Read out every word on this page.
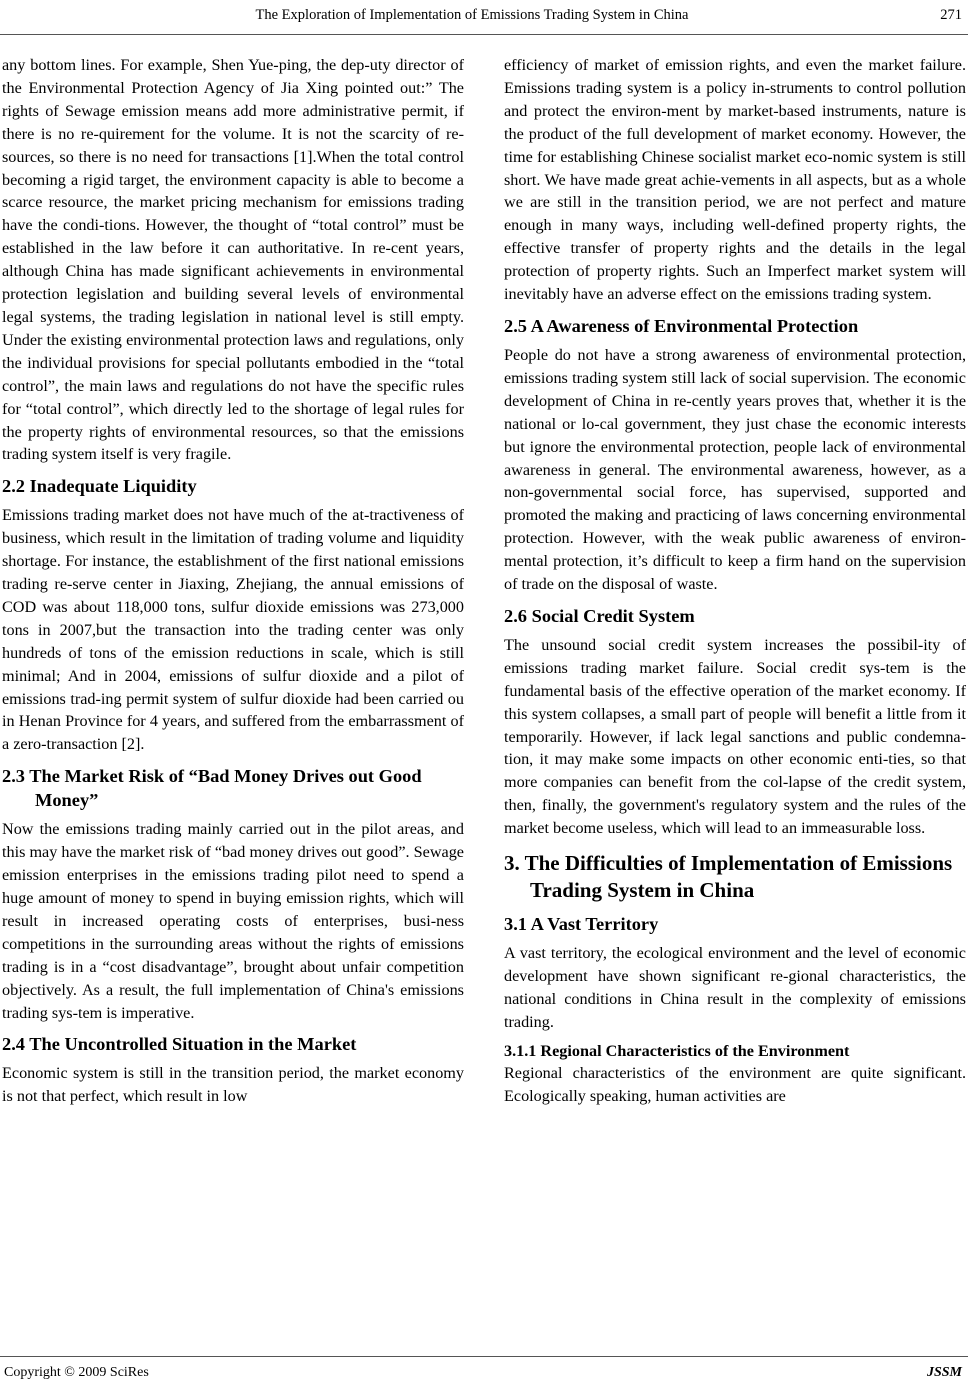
The Exploration of Implementation of Emissions Trading System in China	271

any bottom lines. For example, Shen Yue-ping, the dep-uty director of the Environmental Protection Agency of Jia Xing pointed out:” The rights of Sewage emission means add more administrative permit, if there is no re-quirement for the volume. It is not the scarcity of re-sources, so there is no need for transactions [1].When the total control becoming a rigid target, the environment capacity is able to become a scarce resource, the market pricing mechanism for emissions trading have the condi-tions. However, the thought of “total control” must be established in the law before it can authoritative. In re-cent years, although China has made significant achievements in environmental protection legislation and building several levels of environmental legal systems, the trading legislation in national level is still empty. Under the existing environmental protection laws and regulations, only the individual provisions for special pollutants embodied in the “total control”, the main laws and regulations do not have the specific rules for “total control”, which directly led to the shortage of legal rules for the property rights of environmental resources, so that the emissions trading system itself is very fragile.

2.2 Inadequate Liquidity

Emissions trading market does not have much of the at-tractiveness of business, which result in the limitation of trading volume and liquidity shortage. For instance, the establishment of the first national emissions trading re-serve center in Jiaxing, Zhejiang, the annual emissions of COD was about 118,000 tons, sulfur dioxide emissions was 273,000 tons in 2007,but the transaction into the trading center was only hundreds of tons of the emission reductions in scale, which is still minimal; And in 2004, emissions of sulfur dioxide and a pilot of emissions trad-ing permit system of sulfur dioxide had been carried ou in Henan Province for 4 years, and suffered from the embarrassment of a zero-transaction [2].

2.3 The Market Risk of “Bad Money Drives out Good Money”

Now the emissions trading mainly carried out in the pilot areas, and this may have the market risk of “bad money drives out good”. Sewage emission enterprises in the emissions trading pilot need to spend a huge amount of money to spend in buying emission rights, which will result in increased operating costs of enterprises, busi-ness competitions in the surrounding areas without the rights of emissions trading is in a “cost disadvantage”, brought about unfair competition objectively. As a result, the full implementation of China's emissions trading sys-tem is imperative.

2.4 The Uncontrolled Situation in the Market

Economic system is still in the transition period, the market economy is not that perfect, which result in low

efficiency of market of emission rights, and even the market failure. Emissions trading system is a policy in-struments to control pollution and protect the environ-ment by market-based instruments, nature is the product of the full development of market economy. However, the time for establishing Chinese socialist market eco-nomic system is still short. We have made great achie-vements in all aspects, but as a whole we are still in the transition period, we are not perfect and mature enough in many ways, including well-defined property rights, the effective transfer of property rights and the details in the legal protection of property rights. Such an Imperfect market system will inevitably have an adverse effect on the emissions trading system.

2.5 A Awareness of Environmental Protection

People do not have a strong awareness of environmental protection, emissions trading system still lack of social supervision. The economic development of China in re-cently years proves that, whether it is the national or lo-cal government, they just chase the economic interests but ignore the environmental protection, people lack of environmental awareness in general. The environmental awareness, however, as a non-governmental social force, has supervised, supported and promoted the making and practicing of laws concerning environmental protection. However, with the weak public awareness of environ-mental protection, it’s difficult to keep a firm hand on the supervision of trade on the disposal of waste.

2.6 Social Credit System

The unsound social credit system increases the possibil-ity of emissions trading market failure. Social credit sys-tem is the fundamental basis of the effective operation of the market economy. If this system collapses, a small part of people will benefit a little from it temporarily. However, if lack legal sanctions and public condemna-tion, it may make some impacts on other economic enti-ties, so that more companies can benefit from the col-lapse of the credit system, then, finally, the government's regulatory system and the rules of the market become useless, which will lead to an immeasurable loss.

3. The Difficulties of Implementation of Emissions Trading System in China
3.1 A Vast Territory

A vast territory, the ecological environment and the level of economic development have shown significant re-gional characteristics, the national conditions in China result in the complexity of emissions trading.

3.1.1 Regional Characteristics of the Environment

Regional characteristics of the environment are quite significant. Ecologically speaking, human activities are

Copyright © 2009 SciRes	JSSM
